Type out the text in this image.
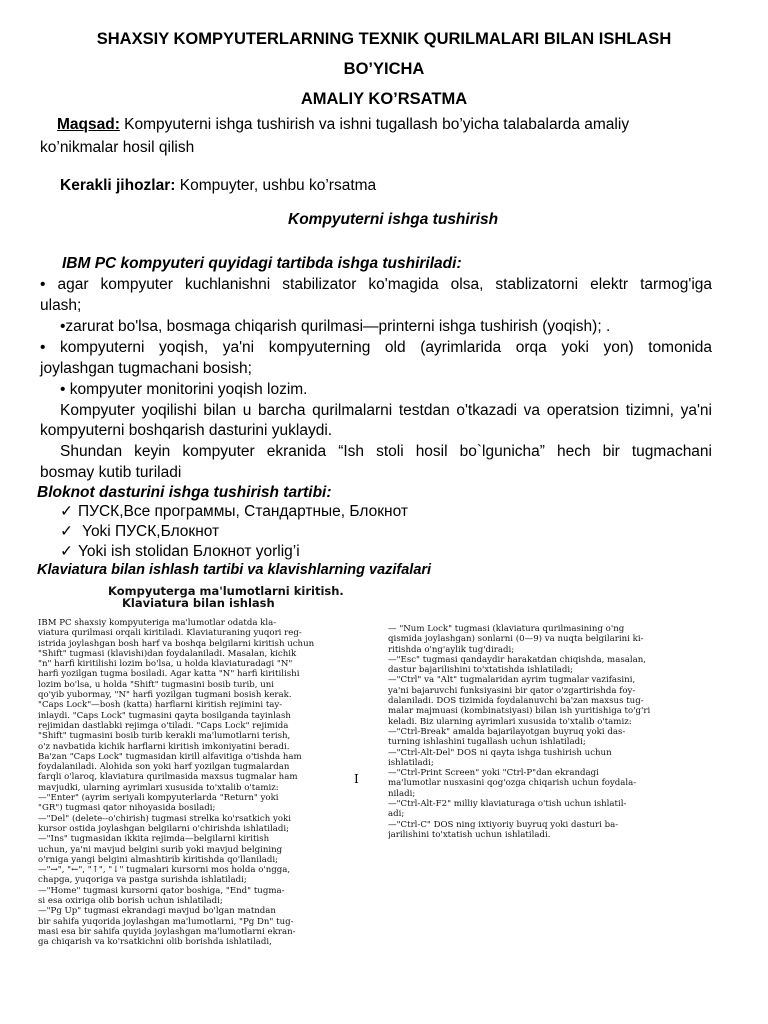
SHAXSIY KOMPYUTERLARNING TEXNIK QURILMALARI BILAN ISHLASH
BO’YICHA
AMALIY KO’RSATMA
Maqsad: Kompyuterni ishga tushirish va ishni tugallash bo’yicha talabalarda amaliy
ko’nikmalar hosil qilish
Kerakli jihozlar: Kompuyter, ushbu ko’rsatma
Kompyuterni ishga tushirish
IBM PC kompyuteri quyidagi tartibda ishga tushiriladi:
• agar kompyuter kuchlanishni stabilizator ko'magida olsa, stablizatorni elektr tarmog'iga
ulash;
•zarurat bo'lsa, bosmaga chiqarish qurilmasi—printerni ishga tushirish (yoqish); .
• kompyuterni yoqish, ya'ni kompyuterning old (ayrimlarida orqa yoki yon) tomonida
joylashgan tugmachani bosish;
• kompyuter monitorini yoqish lozim.
Kompyuter yoqilishi bilan u barcha qurilmalarni testdan o'tkazadi va operatsion tizimni, ya'ni
kompyuterni boshqarish dasturini yuklaydi.
Shundan keyin kompyuter ekranida “Ish stoli hosil bo`lgunicha” hech bir tugmachani
bosmay kutib turiladi
Bloknot dasturini ishga tushirish tartibi:
✓ ПУСК,Все программы, Стандартные, Блокнот
✓ Yoki ПУСК,Блокнот
✓ Yoki ish stolidan Блокнот yorlig’i
Klaviatura bilan ishlash tartibi va klavishlarning vazifalari
Kompyuterga ma'lumotlarni kiritish.
Klaviatura bilan ishlash
IBM PC shaxsiy kompyuteriga ma'lumotlar odatda kla-
viatura qurilmasi orqali kiritiladi. Klaviaturaning yuqori reg-
istrida joylashgan bosh harf va boshqa belgilarni kiritish uchun
"Shift" tugmasi (klavishi)dan foydalaniladi. Masalan, kichik
"n" harfi kiritilishi lozim bo'lsa, u holda klaviaturadagi "N"
harfi yozilgan tugma bosiladi. Agar katta "N" harfi kiritilishi
lozim bo'lsa, u holda "Shift" tugmasini bosib turib, uni
qo'yib yubormay, "N" harfi yozilgan tugmani bosish kerak.
"Caps Lock"—bosh (katta) harflarni kiritish rejimini tay-
inlaydi. "Caps Lock" tugmasini qayta bosilganda tayinlash
rejimidan dastlabki rejimga o'tiladi. "Caps Lock" rejimida
"Shift" tugmasini bosib turib kerakli ma'lumotlarni terish,
o'z navbatida kichik harflarni kiritish imkoniyatini beradi.
Ba'zan "Caps Lock" tugmasidan kirill alfavitiga o'tishda ham
foydalaniladi. Alohida son yoki harf yozilgan tugmalardan
farqli o'laroq, klaviatura qurilmasida maxsus tugmalar ham
mavjudki, ularning ayrimlari xususida to'xtalib o'tamiz:
—"Enter" (ayrim seriyali kompyuterlarda "Return" yoki
"GR") tugmasi qator nihoyasida bosiladi;
—"Del" (delete--o'chirish) tugmasi strelka ko'rsatkich yoki
kursor ostida joylashgan belgilarni o'chirishda ishlatiladi;
—"Ins" tugmasidan ikkita rejimda—belgilarni kiritish
uchun, ya'ni mavjud belgini surib yoki mavjud belgining
o'rniga yangi belgini almashtirib kiritishda qo'llaniladi;
—"→", "←", "↑", "↓" tugmalari kursorni mos holda o'ngga,
chapga, yuqoriga va pastga surishda ishlatiladi;
—"Home" tugmasi kursorni qator boshiga, "End" tugma-
si esa oxiriga olib borish uchun ishlatiladi;
—"Pg Up" tugmasi ekrandagi mavjud bo'lgan matndan
bir sahifa yuqorida joylashgan ma'lumotlarni, "Pg Dn" tug-
masi esa bir sahifa quyida joylashgan ma'lumotlarni ekran-
ga chiqarish va ko'rsatkichni olib borishda ishlatiladi,
I
— "Num Lock" tugmasi (klaviatura qurilmasining o'ng
qismida joylashgan) sonlarni (0—9) va nuqta belgilarini ki-
ritishda o'ng'aylik tug'diradi;
—"Esc" tugmasi qandaydir harakatdan chiqishda, masalan,
dastur bajarilishini to'xtatishda ishlatiladi;
—"Ctrl" va "Alt" tugmalaridan ayrim tugmalar vazifasini,
ya'ni bajaruvchi funksiyasini bir qator o'zgartirishda foy-
dalaniladi. DOS tizimida foydalanuvchi ba'zan maxsus tug-
malar majmuasi (kombinatsiyasi) bilan ish yuritishiga to'g'ri
keladi. Biz ularning ayrimlari xususida to'xtalib o'tamiz:
—"Ctrl-Break" amalda bajarilayotgan buyruq yoki das-
turning ishlashini tugallash uchun ishlatiladi;
—"Ctrl-Alt-Del" DOS ni qayta ishga tushirish uchun
ishlatiladi;
—"Ctrl-Print Screen" yoki "Ctrl-P"dan ekrandagi
ma'lumotlar nusxasini qog'ozga chiqarish uchun foydala-
niladi;
—"Ctrl-Alt-F2" milliy klaviaturaga o'tish uchun ishlatil-
adi;
—"Ctrl-C" DOS ning ixtiyoriy buyruq yoki dasturi ba-
jarilishini to'xtatish uchun ishlatiladi.
